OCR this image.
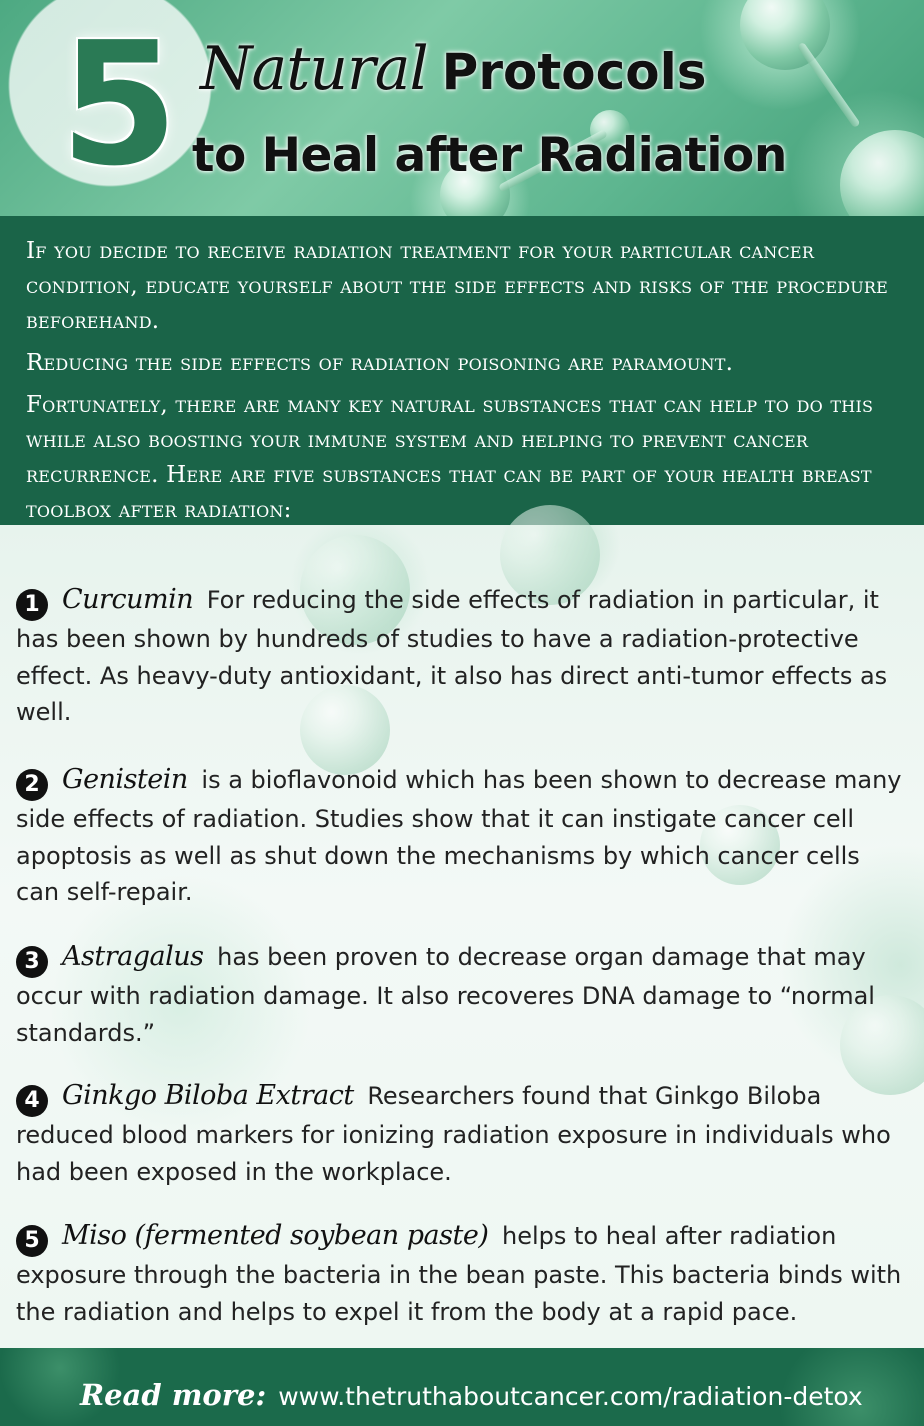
5 Natural Protocols
to Heal after Radiation

If you decide to receive radiation treatment for your particular cancer condition, educate yourself about the side effects and risks of the procedure beforehand.

Reducing the side effects of radiation poisoning are paramount.

Fortunately, there are many key natural substances that can help to do this while also boosting your immune system and helping to prevent cancer recurrence. Here are five substances that can be part of your health breast toolbox after radiation:

1 Curcumin For reducing the side effects of radiation in particular, it has been shown by hundreds of studies to have a radiation-protective effect. As heavy-duty antioxidant, it also has direct anti-tumor effects as well.
2 Genistein is a bioflavonoid which has been shown to decrease many side effects of radiation. Studies show that it can instigate cancer cell apoptosis as well as shut down the mechanisms by which cancer cells can self-repair.
3 Astragalus has been proven to decrease organ damage that may occur with radiation damage. It also recoveres DNA damage to “normal standards.”
4 Ginkgo Biloba Extract Researchers found that Ginkgo Biloba reduced blood markers for ionizing radiation exposure in individuals who had been exposed in the workplace.
5 Miso (fermented soybean paste) helps to heal after radiation exposure through the bacteria in the bean paste. This bacteria binds with the radiation and helps to expel it from the body at a rapid pace.
Read more: www.thetruthaboutcancer.com/radiation-detox
